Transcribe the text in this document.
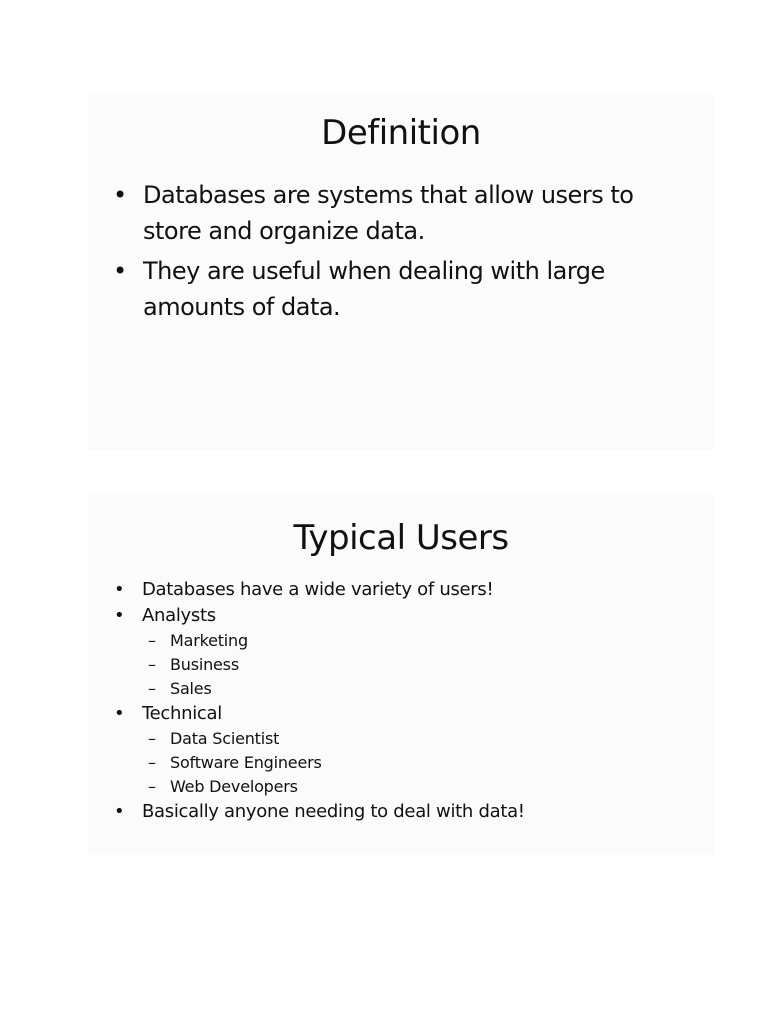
Definition
• Databases are systems that allow users to store and organize data.
• They are useful when dealing with large amounts of data.
Typical Users
• Databases have a wide variety of users!
• Analysts
– Marketing
– Business
– Sales
• Technical
– Data Scientist
– Software Engineers
– Web Developers
• Basically anyone needing to deal with data!
